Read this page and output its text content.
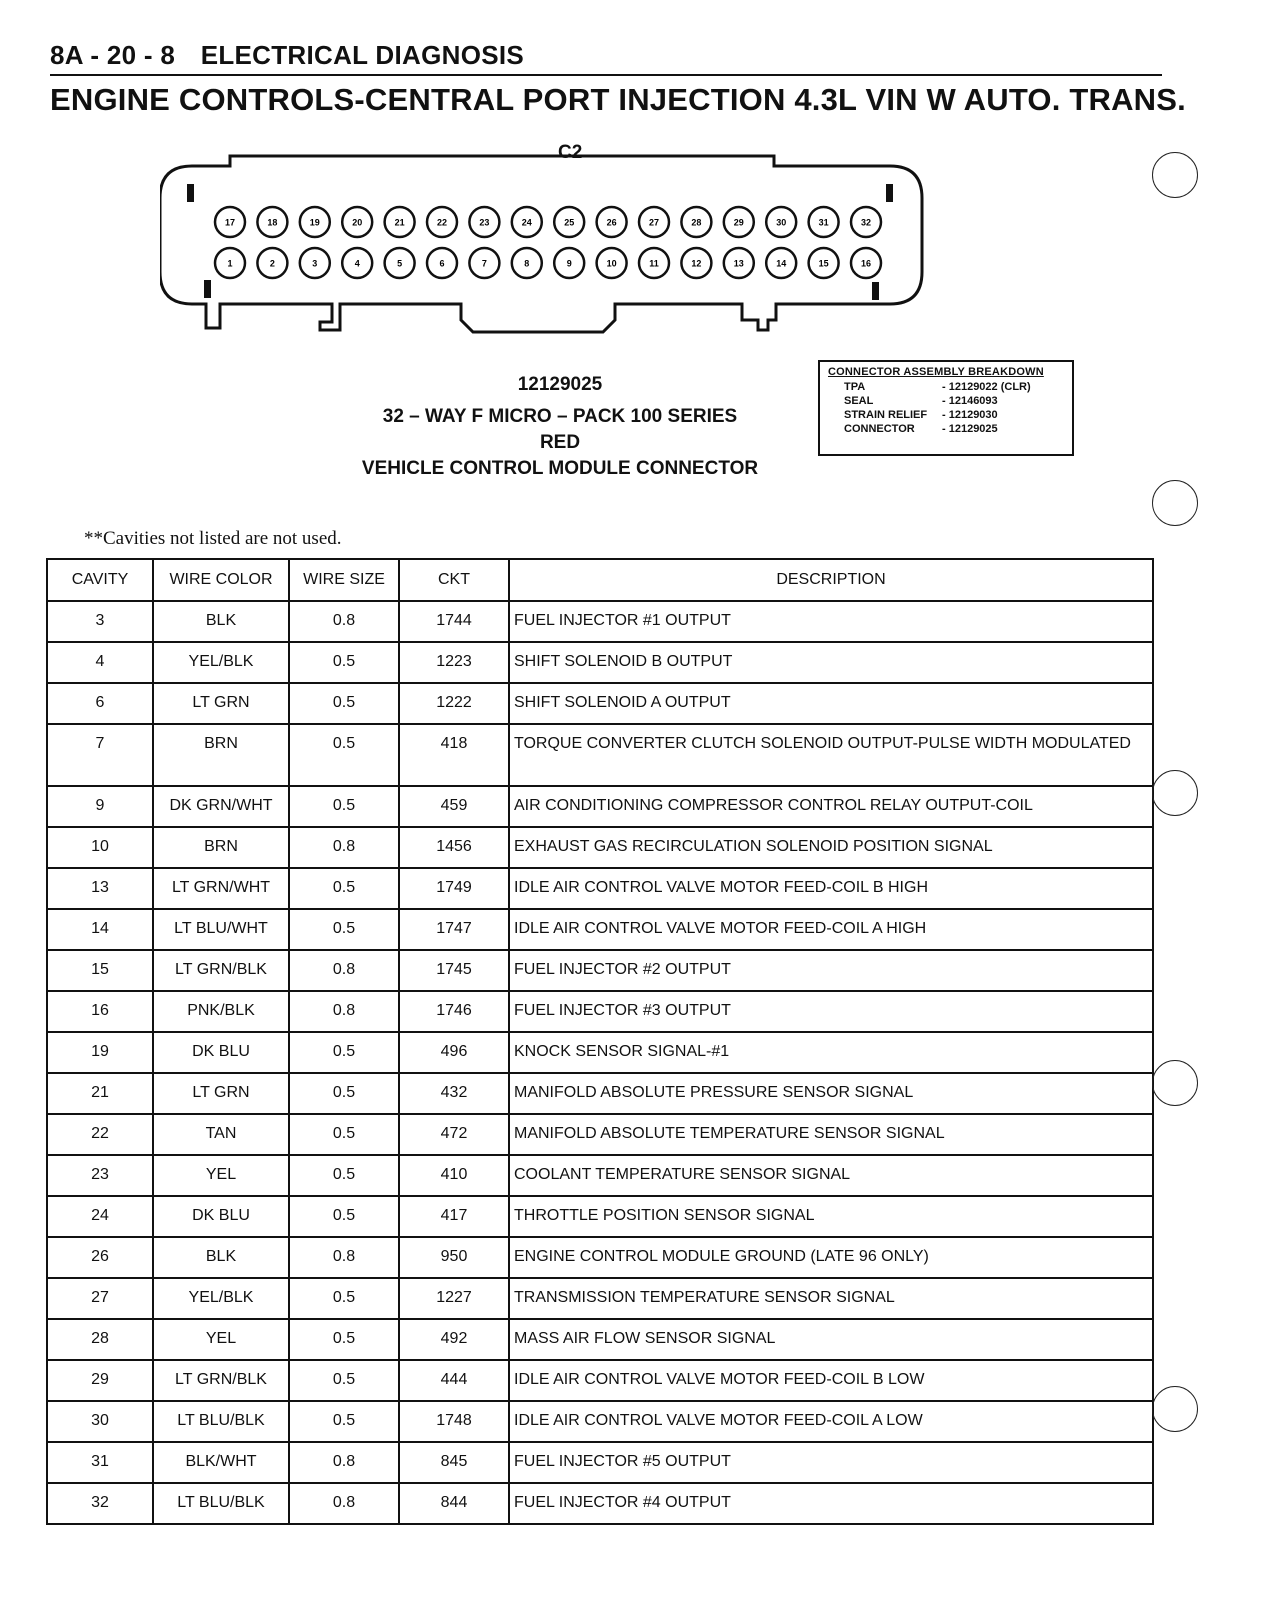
8A - 20 - 8 ELECTRICAL DIAGNOSIS
ENGINE CONTROLS-CENTRAL PORT INJECTION 4.3L VIN W AUTO. TRANS.
17	18	19	20	21	22	23	24	25	26	27	28	29	30	31	32
1	2	3	4	5	6	7	8	9	10	11	12	13	14	15	16
C2
12129025
32 – WAY F MICRO – PACK 100 SERIES
RED
VEHICLE CONTROL MODULE CONNECTOR
CONNECTOR ASSEMBLY BREAKDOWN
TPA	- 12129022 (CLR)
SEAL	- 12146093
STRAIN RELIEF	- 12129030
CONNECTOR	- 12129025
**Cavities not listed are not used.
CAVITY	WIRE COLOR	WIRE SIZE	CKT	DESCRIPTION
3	BLK	0.8	1744	FUEL INJECTOR #1 OUTPUT
4	YEL/BLK	0.5	1223	SHIFT SOLENOID B OUTPUT
6	LT GRN	0.5	1222	SHIFT SOLENOID A OUTPUT
7	BRN	0.5	418	TORQUE CONVERTER CLUTCH SOLENOID OUTPUT-PULSE WIDTH MODULATED
9	DK GRN/WHT	0.5	459	AIR CONDITIONING COMPRESSOR CONTROL RELAY OUTPUT-COIL
10	BRN	0.8	1456	EXHAUST GAS RECIRCULATION SOLENOID POSITION SIGNAL
13	LT GRN/WHT	0.5	1749	IDLE AIR CONTROL VALVE MOTOR FEED-COIL B HIGH
14	LT BLU/WHT	0.5	1747	IDLE AIR CONTROL VALVE MOTOR FEED-COIL A HIGH
15	LT GRN/BLK	0.8	1745	FUEL INJECTOR #2 OUTPUT
16	PNK/BLK	0.8	1746	FUEL INJECTOR #3 OUTPUT
19	DK BLU	0.5	496	KNOCK SENSOR SIGNAL-#1
21	LT GRN	0.5	432	MANIFOLD ABSOLUTE PRESSURE SENSOR SIGNAL
22	TAN	0.5	472	MANIFOLD ABSOLUTE TEMPERATURE SENSOR SIGNAL
23	YEL	0.5	410	COOLANT TEMPERATURE SENSOR SIGNAL
24	DK BLU	0.5	417	THROTTLE POSITION SENSOR SIGNAL
26	BLK	0.8	950	ENGINE CONTROL MODULE GROUND (LATE 96 ONLY)
27	YEL/BLK	0.5	1227	TRANSMISSION TEMPERATURE SENSOR SIGNAL
28	YEL	0.5	492	MASS AIR FLOW SENSOR SIGNAL
29	LT GRN/BLK	0.5	444	IDLE AIR CONTROL VALVE MOTOR FEED-COIL B LOW
30	LT BLU/BLK	0.5	1748	IDLE AIR CONTROL VALVE MOTOR FEED-COIL A LOW
31	BLK/WHT	0.8	845	FUEL INJECTOR #5 OUTPUT
32	LT BLU/BLK	0.8	844	FUEL INJECTOR #4 OUTPUT
